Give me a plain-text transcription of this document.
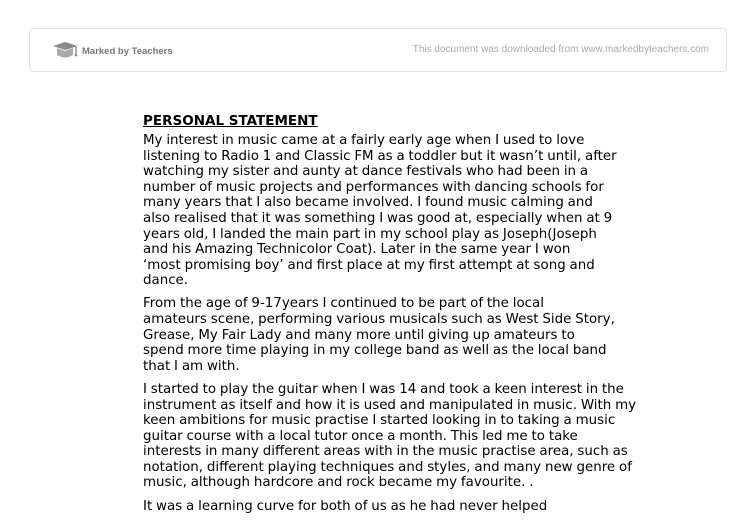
Marked by Teachers	This document was downloaded from www.markedbyteachers.com
PERSONAL STATEMENT

My interest in music came at a fairly early age when I used to love
listening to Radio 1 and Classic FM as a toddler but it wasn’t until, after
watching my sister and aunty at dance festivals who had been in a
number of music projects and performances with dancing schools for
many years that I also became involved. I found music calming and
also realised that it was something I was good at, especially when at 9
years old, I landed the main part in my school play as Joseph(Joseph
and his Amazing Technicolor Coat). Later in the same year I won
‘most promising boy’ and first place at my first attempt at song and
dance.

From the age of 9-17years I continued to be part of the local
amateurs scene, performing various musicals such as West Side Story,
Grease, My Fair Lady and many more until giving up amateurs to
spend more time playing in my college band as well as the local band
that I am with.

I started to play the guitar when I was 14 and took a keen interest in the
instrument as itself and how it is used and manipulated in music. With my
keen ambitions for music practise I started looking in to taking a music
guitar course with a local tutor once a month. This led me to take
interests in many different areas with in the music practise area, such as
notation, different playing techniques and styles, and many new genre of
music, although hardcore and rock became my favourite. .

It was a learning curve for both of us as he had never helped
